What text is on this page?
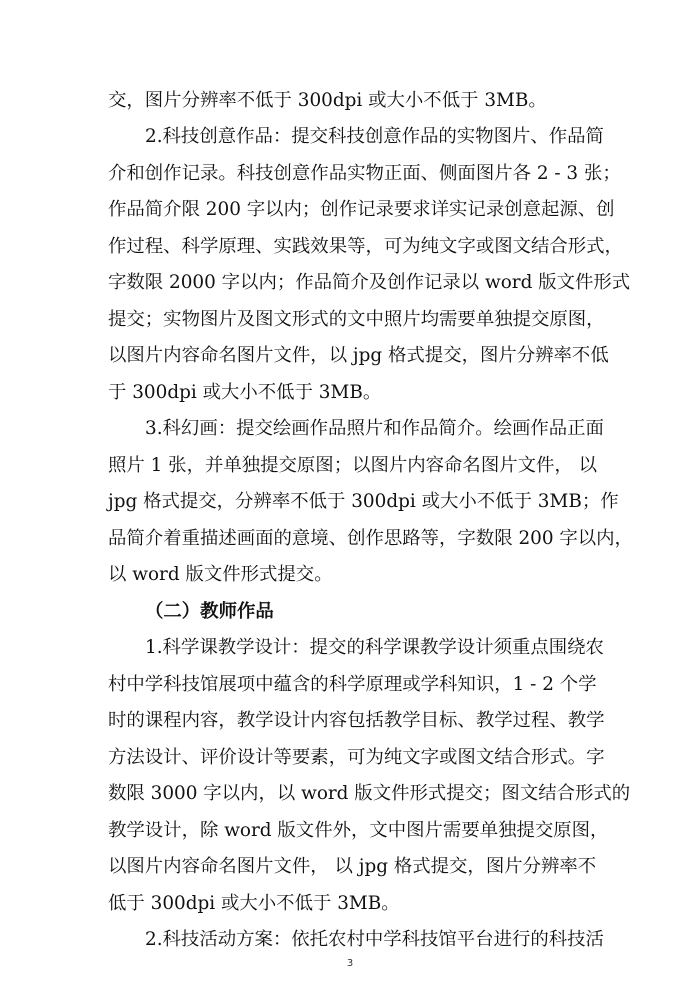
交，图片分辨率不低于 300dpi 或大小不低于 3MB。
2.科技创意作品：提交科技创意作品的实物图片、作品简
介和创作记录。科技创意作品实物正面、侧面图片各 2 - 3 张；
作品简介限 200 字以内；创作记录要求详实记录创意起源、创
作过程、科学原理、实践效果等，可为纯文字或图文结合形式，
字数限 2000 字以内；作品简介及创作记录以 word 版文件形式
提交；实物图片及图文形式的文中照片均需要单独提交原图，
以图片内容命名图片文件，以 jpg 格式提交，图片分辨率不低
于 300dpi 或大小不低于 3MB。
3.科幻画：提交绘画作品照片和作品简介。绘画作品正面
照片 1 张，并单独提交原图；以图片内容命名图片文件， 以
jpg 格式提交，分辨率不低于 300dpi 或大小不低于 3MB；作
品简介着重描述画面的意境、创作思路等，字数限 200 字以内，
以 word 版文件形式提交。
（二）教师作品
1.科学课教学设计：提交的科学课教学设计须重点围绕农
村中学科技馆展项中蕴含的科学原理或学科知识，1 - 2 个学
时的课程内容，教学设计内容包括教学目标、教学过程、教学
方法设计、评价设计等要素，可为纯文字或图文结合形式。字
数限 3000 字以内，以 word 版文件形式提交；图文结合形式的
教学设计，除 word 版文件外，文中图片需要单独提交原图，
以图片内容命名图片文件， 以 jpg 格式提交，图片分辨率不
低于 300dpi 或大小不低于 3MB。
2.科技活动方案：依托农村中学科技馆平台进行的科技活
3
